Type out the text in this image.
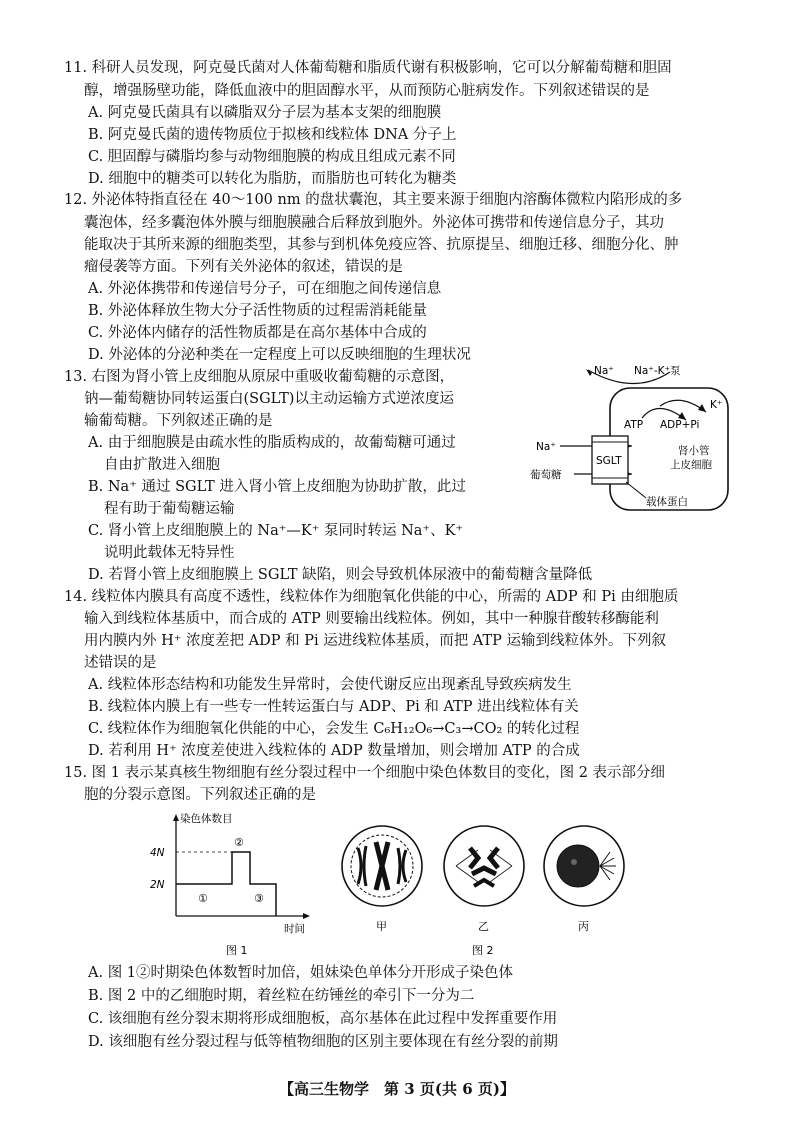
11. 科研人员发现，阿克曼氏菌对人体葡萄糖和脂质代谢有积极影响，它可以分解葡萄糖和胆固
醇，增强肠壁功能，降低血液中的胆固醇水平，从而预防心脏病发作。下列叙述错误的是
A. 阿克曼氏菌具有以磷脂双分子层为基本支架的细胞膜
B. 阿克曼氏菌的遗传物质位于拟核和线粒体 DNA 分子上
C. 胆固醇与磷脂均参与动物细胞膜的构成且组成元素不同
D. 细胞中的糖类可以转化为脂肪，而脂肪也可转化为糖类
12. 外泌体特指直径在 40～100 nm 的盘状囊泡，其主要来源于细胞内溶酶体微粒内陷形成的多
囊泡体，经多囊泡体外膜与细胞膜融合后释放到胞外。外泌体可携带和传递信息分子，其功
能取决于其所来源的细胞类型，其参与到机体免疫应答、抗原提呈、细胞迁移、细胞分化、肿
瘤侵袭等方面。下列有关外泌体的叙述，错误的是
A. 外泌体携带和传递信号分子，可在细胞之间传递信息
B. 外泌体释放生物大分子活性物质的过程需消耗能量
C. 外泌体内储存的活性物质都是在高尔基体中合成的
D. 外泌体的分泌种类在一定程度上可以反映细胞的生理状况
13. 右图为肾小管上皮细胞从原尿中重吸收葡萄糖的示意图，
钠—葡萄糖协同转运蛋白(SGLT)以主动运输方式逆浓度运
输葡萄糖。下列叙述正确的是
A. 由于细胞膜是由疏水性的脂质构成的，故葡萄糖可通过
自由扩散进入细胞
B. Na⁺ 通过 SGLT 进入肾小管上皮细胞为协助扩散，此过
程有助于葡萄糖运输
C. 肾小管上皮细胞膜上的 Na⁺—K⁺ 泵同时转运 Na⁺、K⁺
说明此载体无特异性
D. 若肾小管上皮细胞膜上 SGLT 缺陷，则会导致机体尿液中的葡萄糖含量降低
Na⁺ Na⁺-K⁺泵
K⁺
ATP ADP+Pi
Na⁺
葡萄糖
SGLT
肾小管
上皮细胞
载体蛋白
14. 线粒体内膜具有高度不透性，线粒体作为细胞氧化供能的中心，所需的 ADP 和 Pi 由细胞质
输入到线粒体基质中，而合成的 ATP 则要输出线粒体。例如，其中一种腺苷酸转移酶能利
用内膜内外 H⁺ 浓度差把 ADP 和 Pi 运进线粒体基质，而把 ATP 运输到线粒体外。下列叙
述错误的是
A. 线粒体形态结构和功能发生异常时，会使代谢反应出现紊乱导致疾病发生
B. 线粒体内膜上有一些专一性转运蛋白与 ADP、Pi 和 ATP 进出线粒体有关
C. 线粒体作为细胞氧化供能的中心，会发生 C₆H₁₂O₆→C₃→CO₂ 的转化过程
D. 若利用 H⁺ 浓度差使进入线粒体的 ADP 数量增加，则会增加 ATP 的合成
15. 图 1 表示某真核生物细胞有丝分裂过程中一个细胞中染色体数目的变化，图 2 表示部分细
胞的分裂示意图。下列叙述正确的是
染色体数目
4N
2N
①
②
③
时间
图 1
甲	乙	丙
图 2
A. 图 1②时期染色体数暂时加倍，姐妹染色单体分开形成子染色体
B. 图 2 中的乙细胞时期，着丝粒在纺锤丝的牵引下一分为二
C. 该细胞有丝分裂末期将形成细胞板，高尔基体在此过程中发挥重要作用
D. 该细胞有丝分裂过程与低等植物细胞的区别主要体现在有丝分裂的前期
【高三生物学　第 3 页(共 6 页)】
